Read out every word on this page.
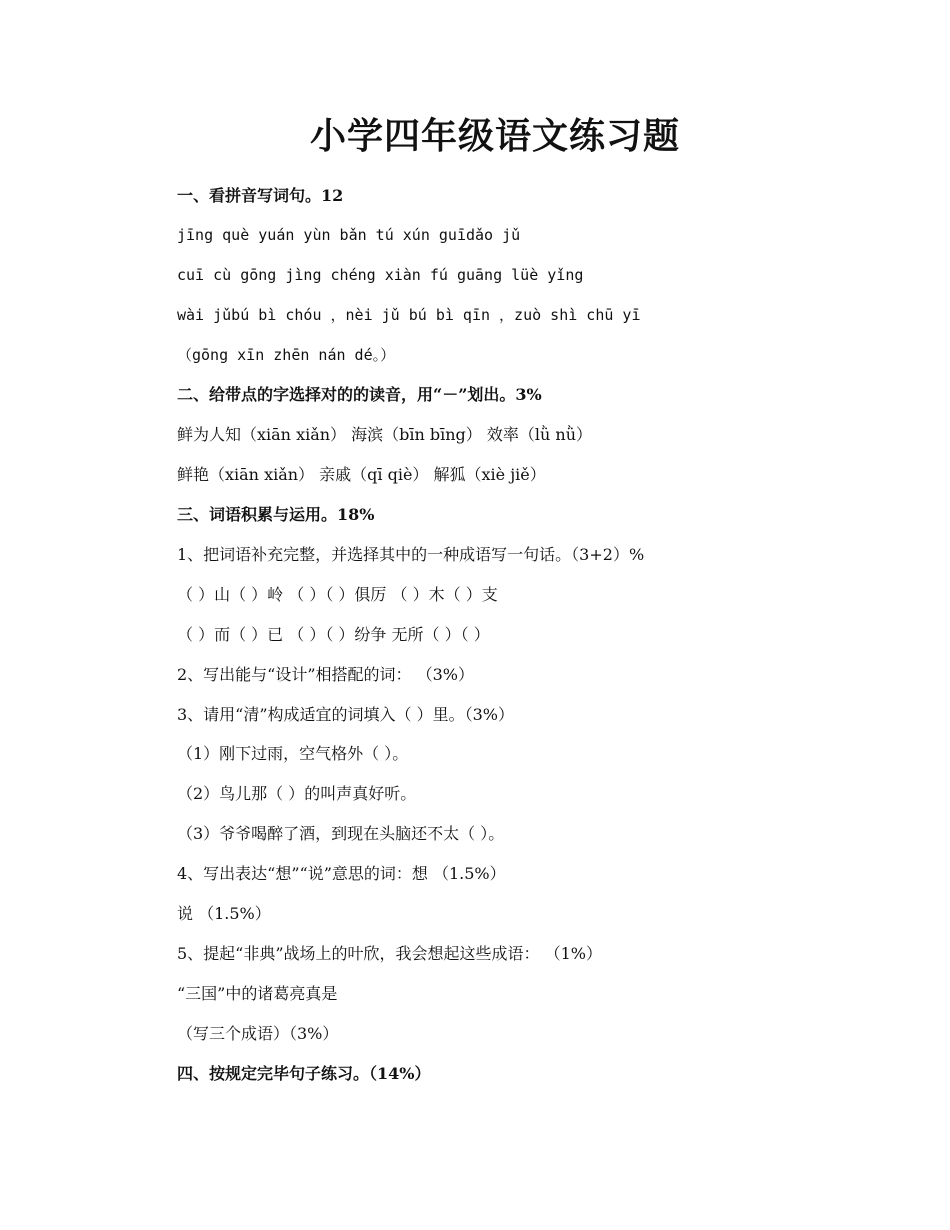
小学四年级语文练习题
一、看拼音写词句。12
jīng què yuán yùn bǎn tú xún guīdǎo jǔ
cuī cù gōng jìng chéng xiàn fú guāng lüè yǐng
wài jǔbú bì chóu ，nèi jǔ bú bì qīn ，zuò shì chū yī
（gōng xīn zhēn nán dé。）
二、给带点的字选择对的的读音，用“－”划出。3%
鲜为人知（xiān xiǎn） 海滨（bīn bīng） 效率（lǜ nǜ）
鲜艳（xiān xiǎn） 亲戚（qī qiè） 解狐（xiè jiě）
三、词语积累与运用。18%
1、把词语补充完整，并选择其中的一种成语写一句话。（3+2）%
（ ）山（ ）岭 （ ）（ ）俱厉 （ ）木（ ）支
（ ）而（ ）已 （ ）（ ）纷争 无所（ ）（ ）
2、写出能与“设计”相搭配的词： （3%）
3、请用“清”构成适宜的词填入（ ）里。（3%）
（1）刚下过雨，空气格外（ ）。
（2）鸟儿那（ ）的叫声真好听。
（3）爷爷喝醉了酒，到现在头脑还不太（ ）。
4、写出表达“想”“说”意思的词：想 （1.5%）
说 （1.5%）
5、提起“非典”战场上的叶欣，我会想起这些成语： （1%）
“三国”中的诸葛亮真是
（写三个成语）（3%）
四、按规定完毕句子练习。（14%）
